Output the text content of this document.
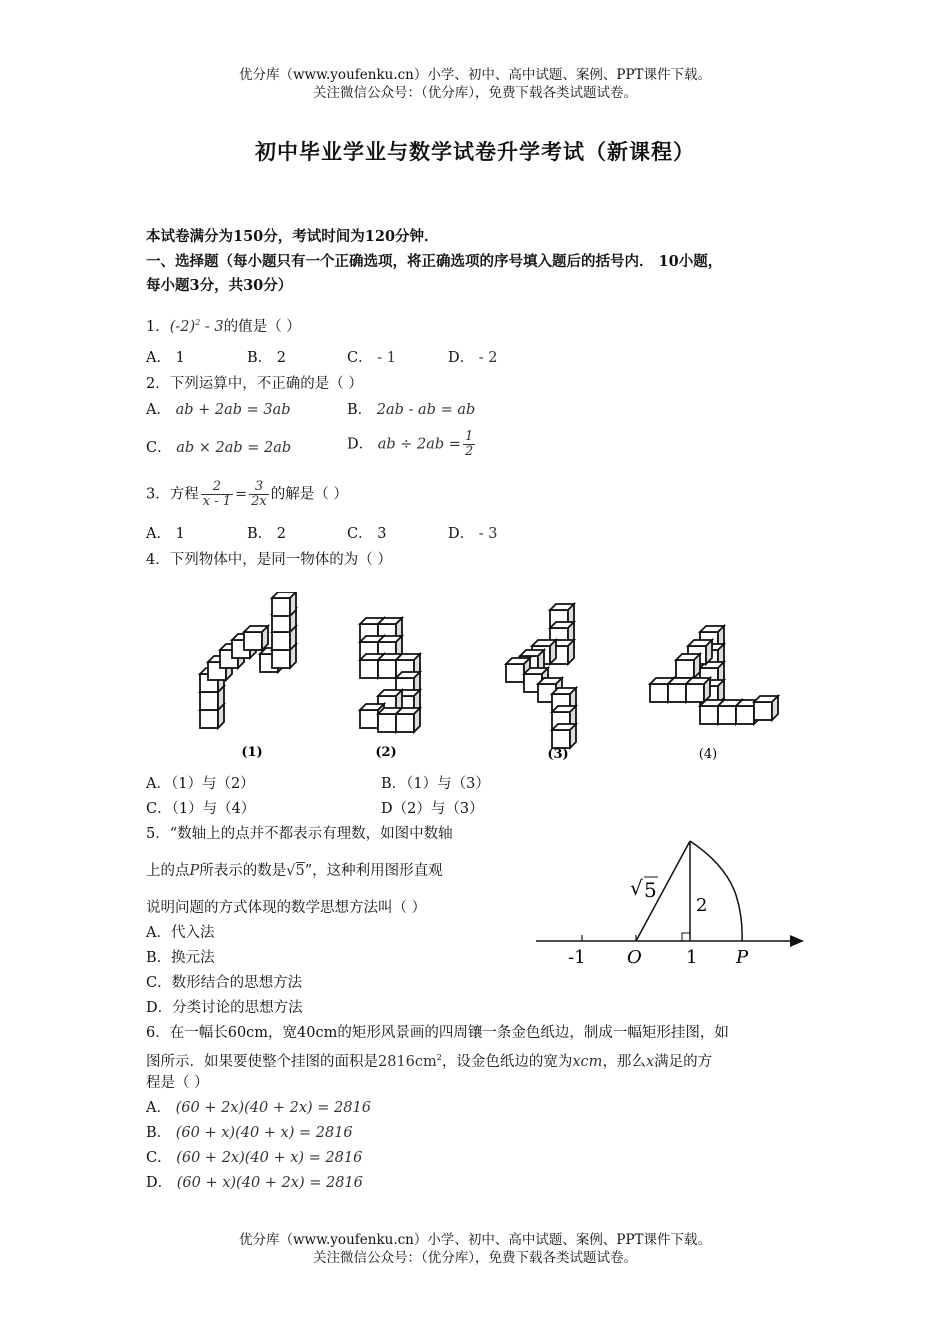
优分库（www.youfenku.cn）小学、初中、高中试题、案例、PPT课件下载。
关注微信公众号：（优分库），免费下载各类试题试卷。
初中毕业学业与数学试卷升学考试（新课程）
本试卷满分为150分，考试时间为120分钟．
一、选择题（每小题只有一个正确选项，将正确选项的序号填入题后的括号内． 10小题，
每小题3分，共30分）
1．$(-2)^2 - 3$的值是（ ）
A． 1	B． 2	C． - 1	D． - 2
2．下列运算中，不正确的是（ ）
A． ab + 2ab = 3ab	B． 2ab - ab = ab
C． ab × 2ab = 2ab	D． ab ÷ $2ab = \frac{1}{2}$
3．方程 $\frac{2}{x - 1} = \frac{3}{2x}$ 的解是（ ）
A． 1	B． 2	C． 3	D． - 3
4．下列物体中，是同一物体的为（ ）
(1)	(2)	(3)	(4)
A．（1）与（2）	B．（1）与（3）
C．（1）与（4）	D（2）与（3）
5．“数轴上的点并不都表示有理数，如图中数轴
上的点P所表示的数是√5”，这种利用图形直观
说明问题的方式体现的数学思想方法叫（ ）
A．代入法
B．换元法
C．数形结合的思想方法
D．分类讨论的思想方法
√ 5
2
-1 O 1 P
6．在一幅长60cm，宽40cm的矩形风景画的四周镶一条金色纸边，制成一幅矩形挂图，如
图所示．如果要使整个挂图的面积是$2816cm^2$，设金色纸边的宽为xcm，那么x满足的方
程是（ ）
A． (60 + 2x)(40 + 2x) = 2816
B． (60 + x)(40 + x) = 2816
C． (60 + 2x)(40 + x) = 2816
D． (60 + x)(40 + 2x) = 2816
优分库（www.youfenku.cn）小学、初中、高中试题、案例、PPT课件下载。
关注微信公众号：（优分库），免费下载各类试题试卷。
